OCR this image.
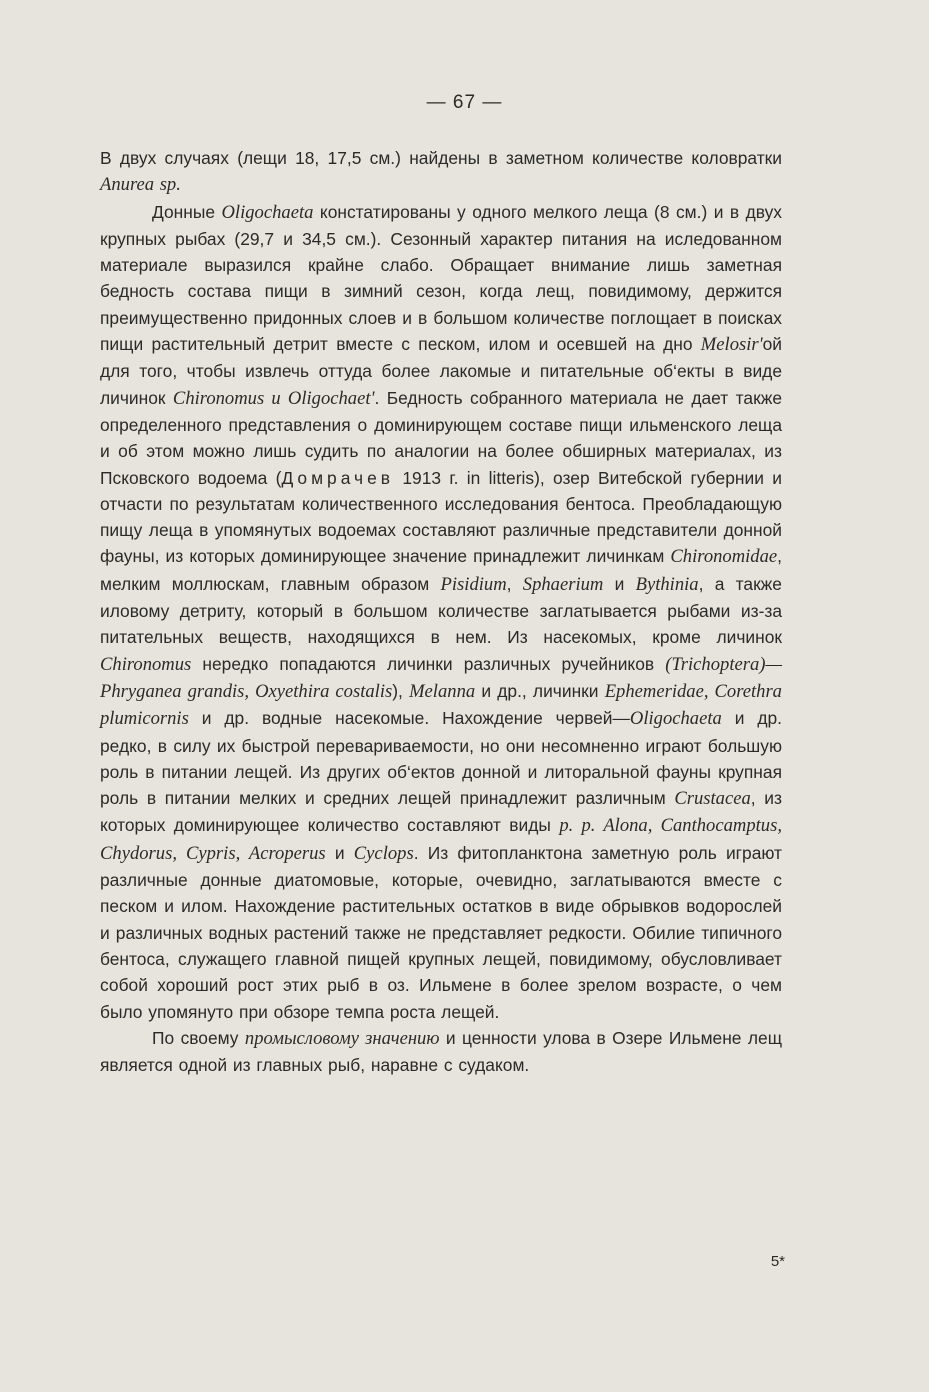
— 67 —

В двух случаях (лещи 18, 17,5 см.) найдены в заметном количестве коловратки Anurea sp.

Донные Oligochaeta констатированы у одного мелкого леща (8 см.) и в двух крупных рыбах (29,7 и 34,5 см.). Сезонный характер питания на иследованном материале выразился крайне слабо. Обращает внимание лишь заметная бедность состава пищи в зимний сезон, когда лещ, повидимому, держится преимущественно придонных слоев и в большом количестве поглощает в поисках пищи растительный детрит вместе с песком, илом и осевшей на дно Melosir'ой для того, чтобы извлечь оттуда более лакомые и питательные об‘екты в виде личинок Chironomus и Oligochaet'. Бедность собранного материала не дает также определенного представления о доминирующем составе пищи ильменского леща и об этом можно лишь судить по аналогии на более обширных материалах, из Псковского водоема (Домрачев 1913 г. in litteris), озер Витебской губернии и отчасти по результатам количественного исследования бентоса. Преобладающую пищу леща в упомянутых водоемах составляют различные представители донной фауны, из которых доминирующее значение принадлежит личинкам Chironomidae, мелким моллюскам, главным образом Pisidium, Sphaerium и Bythinia, а также иловому детриту, который в большом количестве заглатывается рыбами из-за питательных веществ, находящихся в нем. Из насекомых, кроме личинок Chironomus нередко попадаются личинки различных ручейников (Trichoptera)—Phryganea grandis, Oxyethira costalis), Melanna и др., личинки Ephemeridae, Corethra plumicornis и др. водные насекомые. Нахождение червей—Oligochaeta и др. редко, в силу их быстрой перевариваемости, но они несомненно играют большую роль в питании лещей. Из других об‘ектов донной и литоральной фауны крупная роль в питании мелких и средних лещей принадлежит различным Crustacea, из которых доминирующее количество составляют виды p. p. Alona, Canthocamptus, Chydorus, Cypris, Acroperus и Cyclops. Из фитопланктона заметную роль играют различные донные диатомовые, которые, очевидно, заглатываются вместе с песком и илом. Нахождение растительных остатков в виде обрывков водорослей и различных водных растений также не представляет редкости. Обилие типичного бентоса, служащего главной пищей крупных лещей, повидимому, обусловливает собой хороший рост этих рыб в оз. Ильмене в более зрелом возрасте, о чем было упомянуто при обзоре темпа роста лещей.

По своему промысловому значению и ценности улова в Озере Ильмене лещ является одной из главных рыб, наравне с судаком.

5*
